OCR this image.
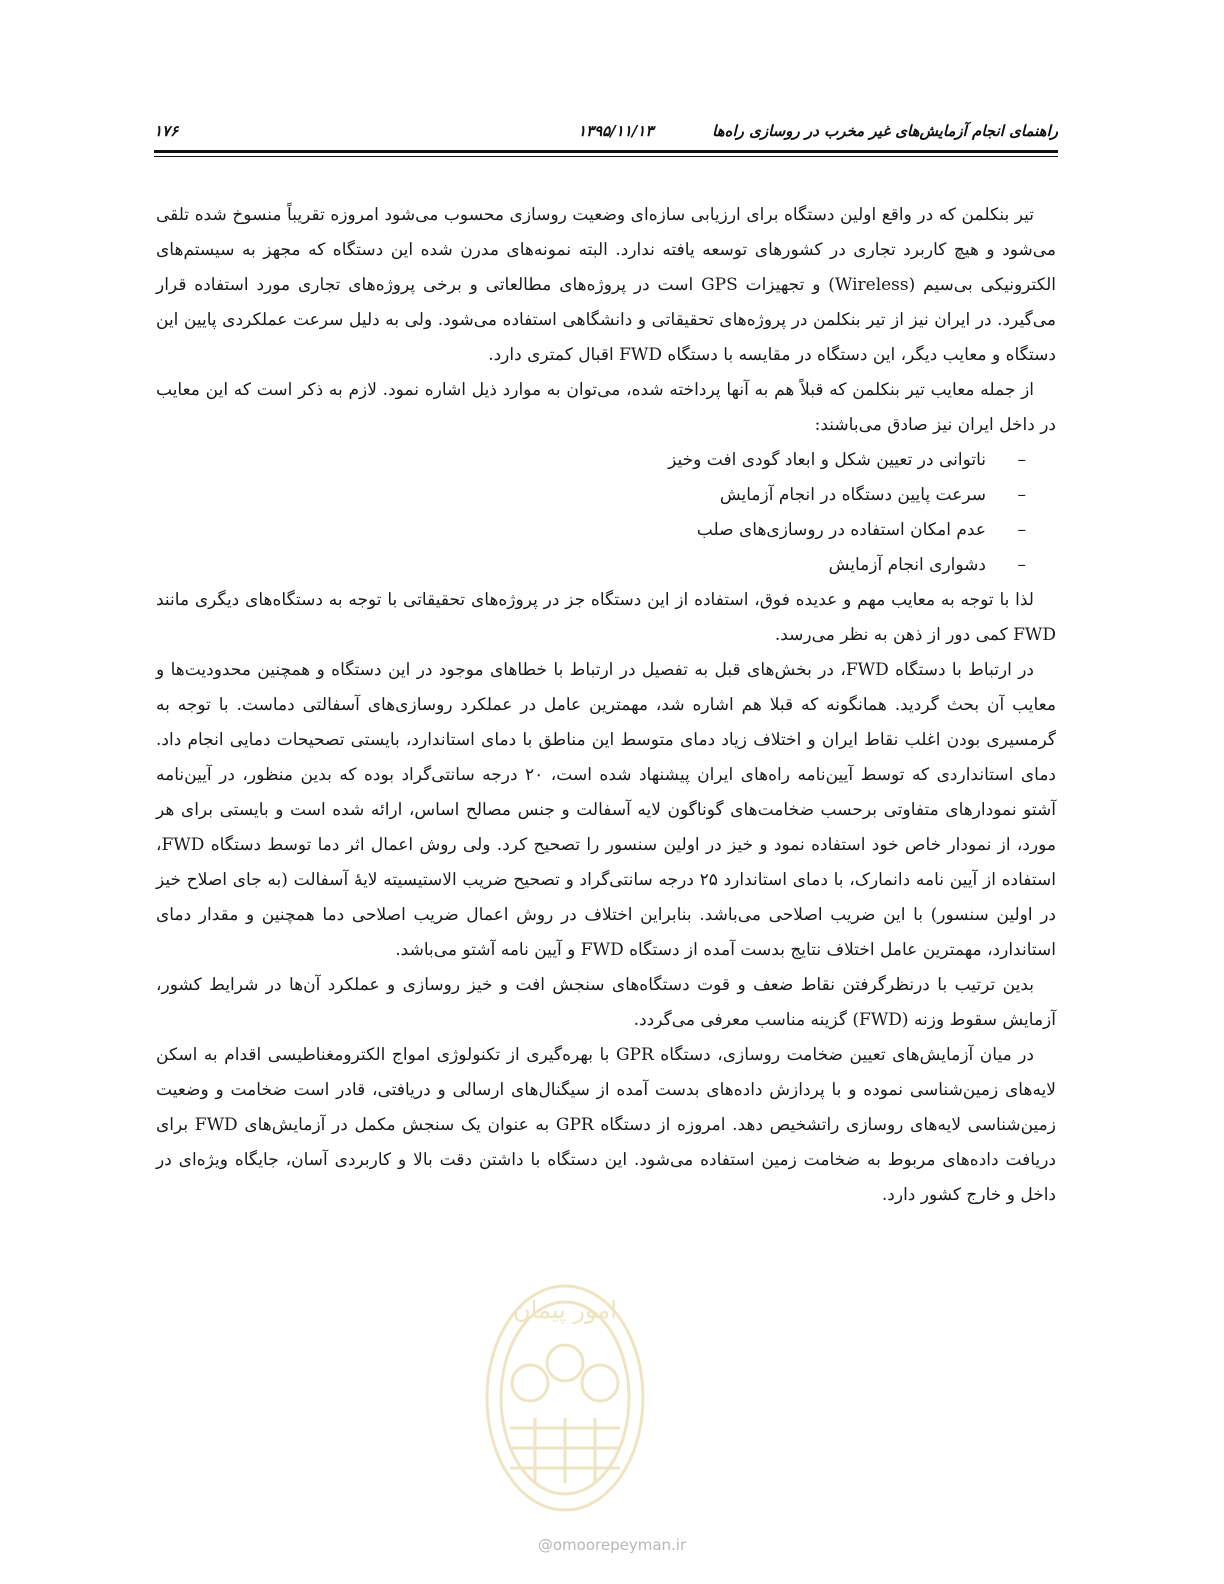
۱۷۶	۱۳۹۵/۱۱/۱۳	راهنمای انجام آزمایش‌های غیر مخرب در روسازی راه‌ها

تیر بنکلمن که در واقع اولین دستگاه برای ارزیابی سازه‌ای وضعیت روسازی محسوب می‌شود امروزه تقریباً منسوخ شده تلقی می‌شود و هیچ کاربرد تجاری در کشورهای توسعه یافته ندارد. البته نمونه‌های مدرن شده این دستگاه که مجهز به سیستم‌های الکترونیکی بی‌سیم (Wireless) و تجهیزات GPS است در پروژه‌های مطالعاتی و برخی پروژه‌های تجاری مورد استفاده قرار می‌گیرد. در ایران نیز از تیر بنکلمن در پروژه‌های تحقیقاتی و دانشگاهی استفاده می‌شود. ولی به دلیل سرعت عملکردی پایین این دستگاه و معایب دیگر، این دستگاه در مقایسه با دستگاه FWD اقبال کمتری دارد.

از جمله معایب تیر بنکلمن که قبلاً هم به آنها پرداخته شده، می‌توان به موارد ذیل اشاره نمود. لازم به ذکر است که این معایب در داخل ایران نیز صادق می‌باشند:

–ناتوانی در تعیین شکل و ابعاد گودی افت وخیز
–سرعت پایین دستگاه در انجام آزمایش
–عدم امکان استفاده در روسازی‌های صلب
–دشواری انجام آزمایش

لذا با توجه به معایب مهم و عدیده فوق، استفاده از این دستگاه جز در پروژه‌های تحقیقاتی با توجه به دستگاه‌های دیگری مانند FWD کمی دور از ذهن به نظر می‌رسد.

در ارتباط با دستگاه FWD، در بخش‌های قبل به تفصیل در ارتباط با خطاهای موجود در این دستگاه و همچنین محدودیت‌ها و معایب آن بحث گردید. همانگونه که قبلا هم اشاره شد، مهمترین عامل در عملکرد روسازی‌های آسفالتی دماست. با توجه به گرمسیری بودن اغلب نقاط ایران و اختلاف زیاد دمای متوسط این مناطق با دمای استاندارد، بایستی تصحیحات دمایی انجام داد. دمای استانداردی که توسط آیین‌نامه راه‌های ایران پیشنهاد شده است، ۲۰ درجه سانتی‌گراد بوده که بدین منظور، در آیین‌نامه آشتو نمودارهای متفاوتی برحسب ضخامت‌های گوناگون لایه آسفالت و جنس مصالح اساس، ارائه شده است و بایستی برای هر مورد، از نمودار خاص خود استفاده نمود و خیز در اولین سنسور را تصحیح کرد. ولی روش اعمال اثر دما توسط دستگاه FWD، استفاده از آیین نامه دانمارک، با دمای استاندارد ۲۵ درجه سانتی‌گراد و تصحیح ضریب الاستیسیته لایهٔ آسفالت (به جای اصلاح خیز در اولین سنسور) با این ضریب اصلاحی می‌باشد. بنابراین اختلاف در روش اعمال ضریب اصلاحی دما همچنین و مقدار دمای استاندارد، مهمترین عامل اختلاف نتایج بدست آمده از دستگاه FWD و آیین نامه آشتو می‌باشد.

بدین ترتیب با درنظرگرفتن نقاط ضعف و قوت دستگاه‌های سنجش افت و خیز روسازی و عملکرد آن‌ها در شرایط کشور، آزمایش سقوط وزنه (FWD) گزینه مناسب معرفی می‌گردد.

در میان آزمایش‌های تعیین ضخامت روسازی، دستگاه GPR با بهره‌گیری از تکنولوژی امواج الکترومغناطیسی اقدام به اسکن لایه‌های زمین‌شناسی نموده و با پردازش داده‌های بدست آمده از سیگنال‌های ارسالی و دریافتی، قادر است ضخامت و وضعیت زمین‌شناسی لایه‌های روسازی راتشخیص دهد. امروزه از دستگاه GPR به عنوان یک سنجش مکمل در آزمایش‌های FWD برای دریافت داده‌های مربوط به ضخامت زمین استفاده می‌شود. این دستگاه با داشتن دقت بالا و کاربردی آسان، جایگاه ویژه‌ای در داخل و خارج کشور دارد.

امور پیمان
@omoorepeyman.ir
